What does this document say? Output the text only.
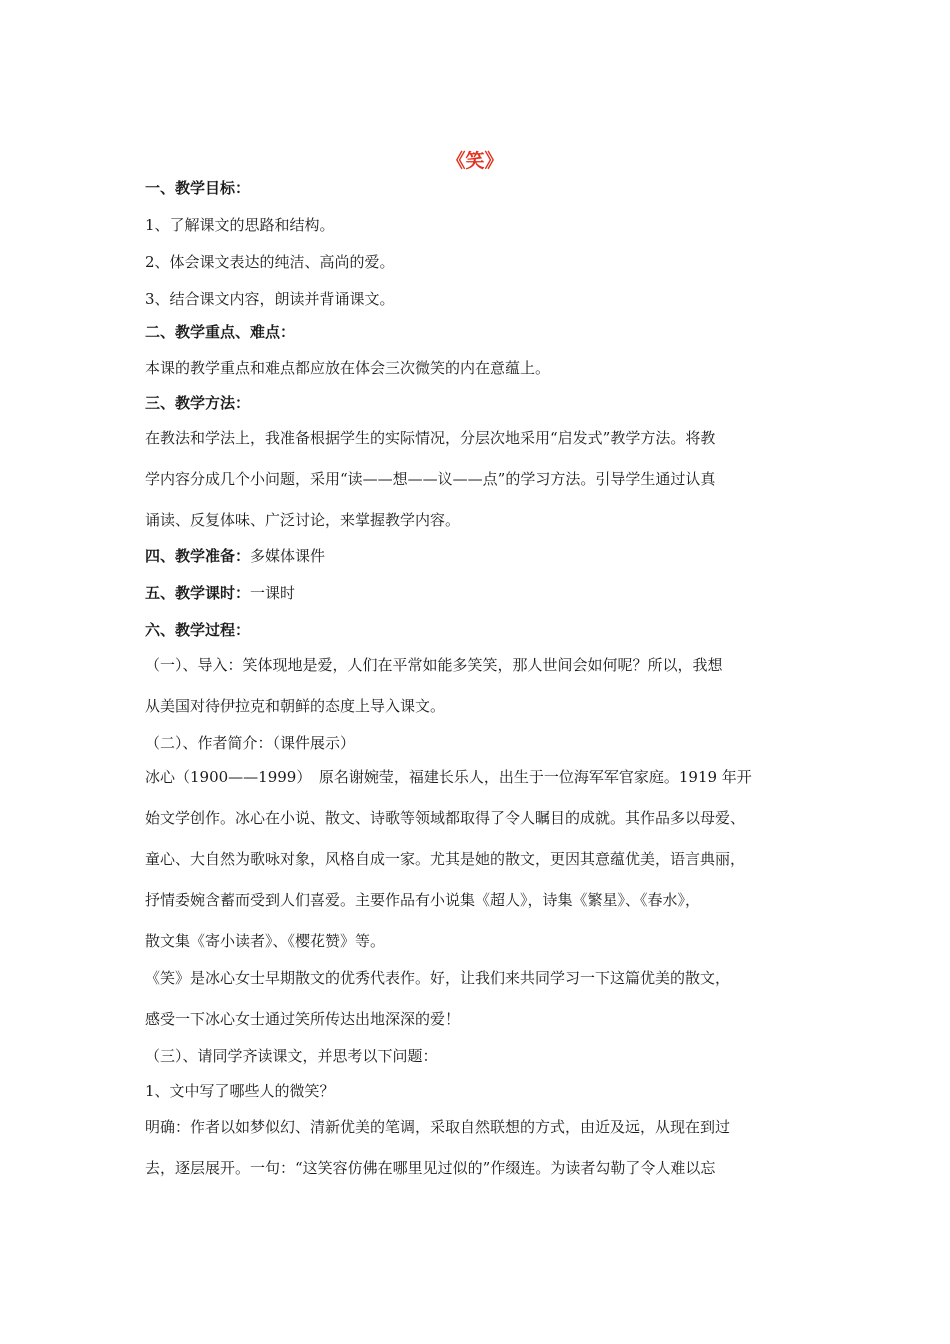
《笑》
一、教学目标：
1、了解课文的思路和结构。
2、体会课文表达的纯洁、高尚的爱。
3、结合课文内容，朗读并背诵课文。
二、教学重点、难点：
本课的教学重点和难点都应放在体会三次微笑的内在意蕴上。
三、教学方法：
在教法和学法上，我准备根据学生的实际情况，分层次地采用“启发式”教学方法。将教
学内容分成几个小问题，采用“读——想——议——点”的学习方法。引导学生通过认真
诵读、反复体味、广泛讨论，来掌握教学内容。
四、教学准备：多媒体课件
五、教学课时：一课时
六、教学过程：
（一）、导入：笑体现地是爱，人们在平常如能多笑笑，那人世间会如何呢？所以，我想
从美国对待伊拉克和朝鲜的态度上导入课文。
（二）、作者简介：（课件展示）
冰心（1900——1999）　原名谢婉莹，福建长乐人，出生于一位海军军官家庭。1919 年开
始文学创作。冰心在小说、散文、诗歌等领域都取得了令人瞩目的成就。其作品多以母爱、
童心、大自然为歌咏对象，风格自成一家。尤其是她的散文，更因其意蕴优美，语言典丽，
抒情委婉含蓄而受到人们喜爱。主要作品有小说集《超人》，诗集《繁星》、《春水》，
散文集《寄小读者》、《樱花赞》等。
《笑》是冰心女士早期散文的优秀代表作。好，让我们来共同学习一下这篇优美的散文，
感受一下冰心女士通过笑所传达出地深深的爱！
（三）、请同学齐读课文，并思考以下问题：
1、文中写了哪些人的微笑？
明确：作者以如梦似幻、清新优美的笔调，采取自然联想的方式，由近及远，从现在到过
去，逐层展开。一句：“这笑容仿佛在哪里见过似的”作缀连。为读者勾勒了令人难以忘
